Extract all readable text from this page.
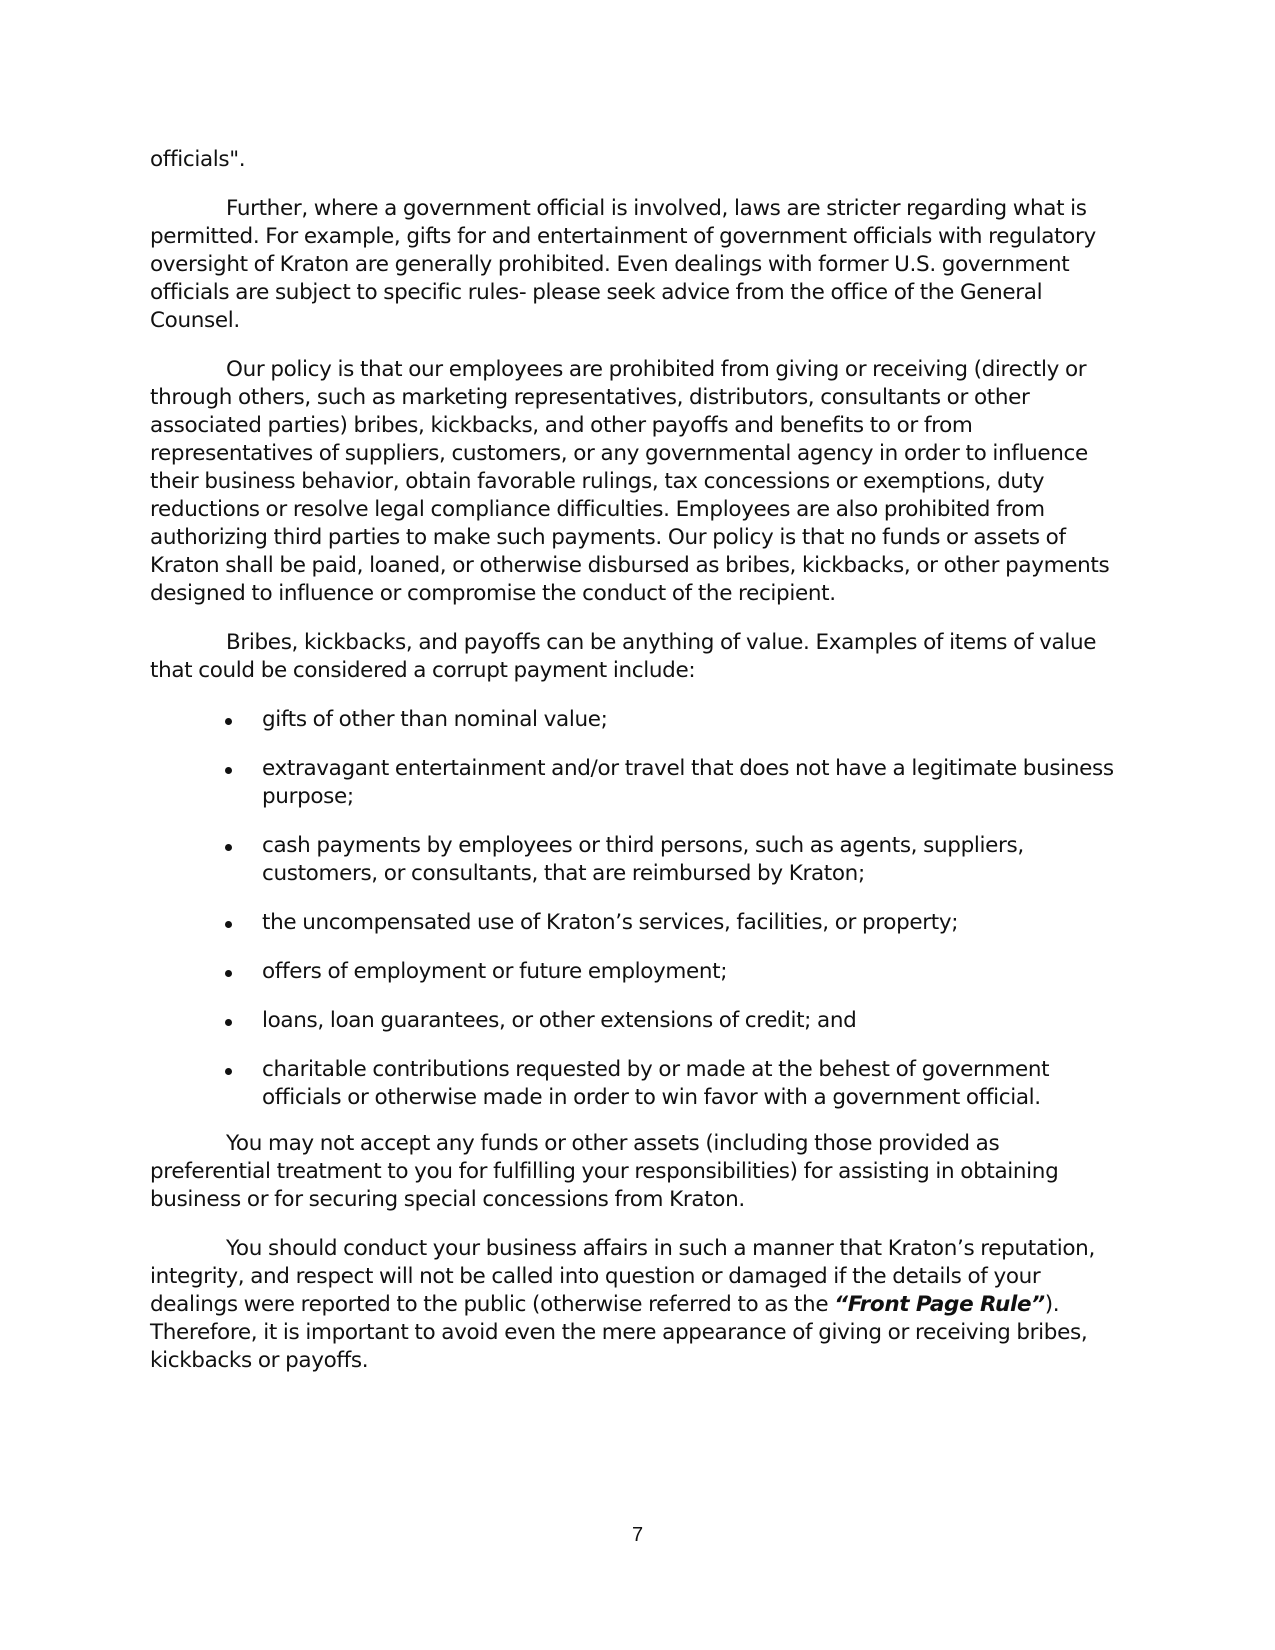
officials".

Further, where a government official is involved, laws are stricter regarding what is permitted. For example, gifts for and entertainment of government officials with regulatory oversight of Kraton are generally prohibited. Even dealings with former U.S. government officials are subject to specific rules- please seek advice from the office of the General Counsel.

Our policy is that our employees are prohibited from giving or receiving (directly or through others, such as marketing representatives, distributors, consultants or other associated parties) bribes, kickbacks, and other payoffs and benefits to or from representatives of suppliers, customers, or any governmental agency in order to influence their business behavior, obtain favorable rulings, tax concessions or exemptions, duty reductions or resolve legal compliance difficulties. Employees are also prohibited from authorizing third parties to make such payments. Our policy is that no funds or assets of Kraton shall be paid, loaned, or otherwise disbursed as bribes, kickbacks, or other payments designed to influence or compromise the conduct of the recipient.

Bribes, kickbacks, and payoffs can be anything of value. Examples of items of value that could be considered a corrupt payment include:

gifts of other than nominal value;
extravagant entertainment and/or travel that does not have a legitimate business purpose;
cash payments by employees or third persons, such as agents, suppliers, customers, or consultants, that are reimbursed by Kraton;
the uncompensated use of Kraton’s services, facilities, or property;
offers of employment or future employment;
loans, loan guarantees, or other extensions of credit; and
charitable contributions requested by or made at the behest of government officials or otherwise made in order to win favor with a government official.

You may not accept any funds or other assets (including those provided as preferential treatment to you for fulfilling your responsibilities) for assisting in obtaining business or for securing special concessions from Kraton.

You should conduct your business affairs in such a manner that Kraton’s reputation, integrity, and respect will not be called into question or damaged if the details of your dealings were reported to the public (otherwise referred to as the “Front Page Rule”). Therefore, it is important to avoid even the mere appearance of giving or receiving bribes, kickbacks or payoffs.

7
